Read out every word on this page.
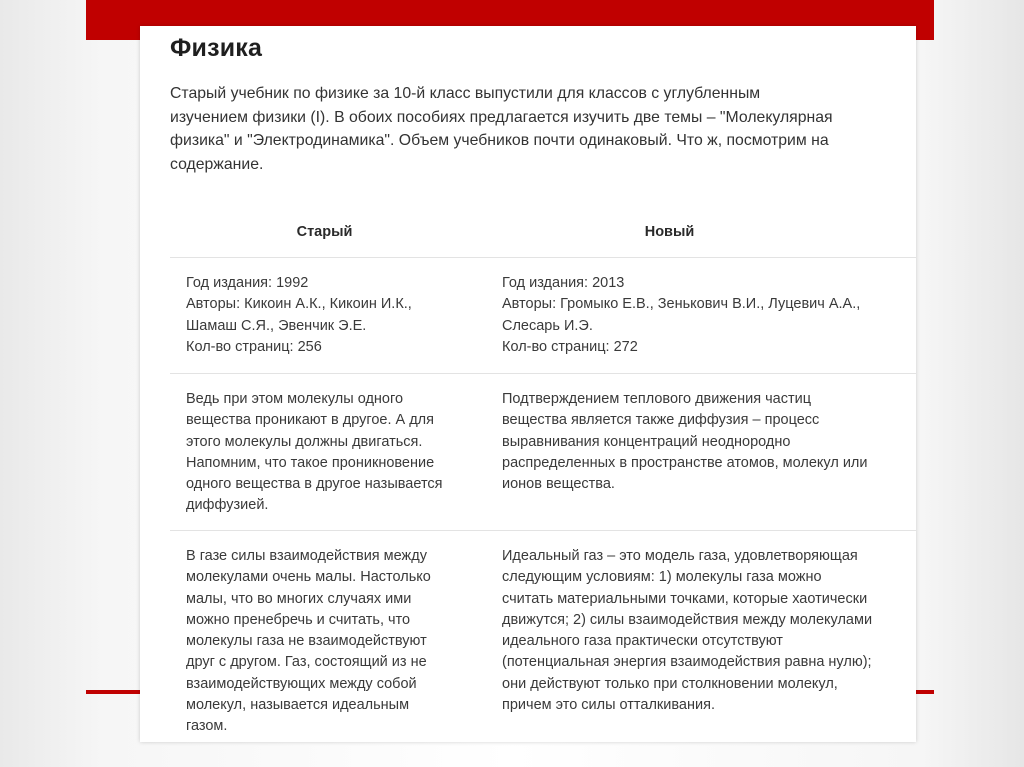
Физика

Старый учебник по физике за 10-й класс выпустили для классов с углубленным
изучением физики (I). В обоих пособиях предлагается изучить две темы – "Молекулярная
физика" и "Электродинамика". Объем учебников почти одинаковый. Что ж, посмотрим на
содержание.

Старый	Новый
Год издания: 1992
Авторы: Кикоин А.К., Кикоин И.К.,
Шамаш С.Я., Эвенчик Э.Е.
Кол-во страниц: 256
Год издания: 2013
Авторы: Громыко Е.В., Зенькович В.И., Луцевич А.А.,
Слесарь И.Э.
Кол-во страниц: 272
Ведь при этом молекулы одного
вещества проникают в другое. А для
этого молекулы должны двигаться.
Напомним, что такое проникновение
одного вещества в другое называется
диффузией.
Подтверждением теплового движения частиц
вещества является также диффузия – процесс
выравнивания концентраций неоднородно
распределенных в пространстве атомов, молекул или
ионов вещества.
В газе силы взаимодействия между
молекулами очень малы. Настолько
малы, что во многих случаях ими
можно пренебречь и считать, что
молекулы газа не взаимодействуют
друг с другом. Газ, состоящий из не
взаимодействующих между собой
молекул, называется идеальным
газом.
Идеальный газ – это модель газа, удовлетворяющая
следующим условиям: 1) молекулы газа можно
считать материальными точками, которые хаотически
движутся; 2) силы взаимодействия между молекулами
идеального газа практически отсутствуют
(потенциальная энергия взаимодействия равна нулю);
они действуют только при столкновении молекул,
причем это силы отталкивания.
